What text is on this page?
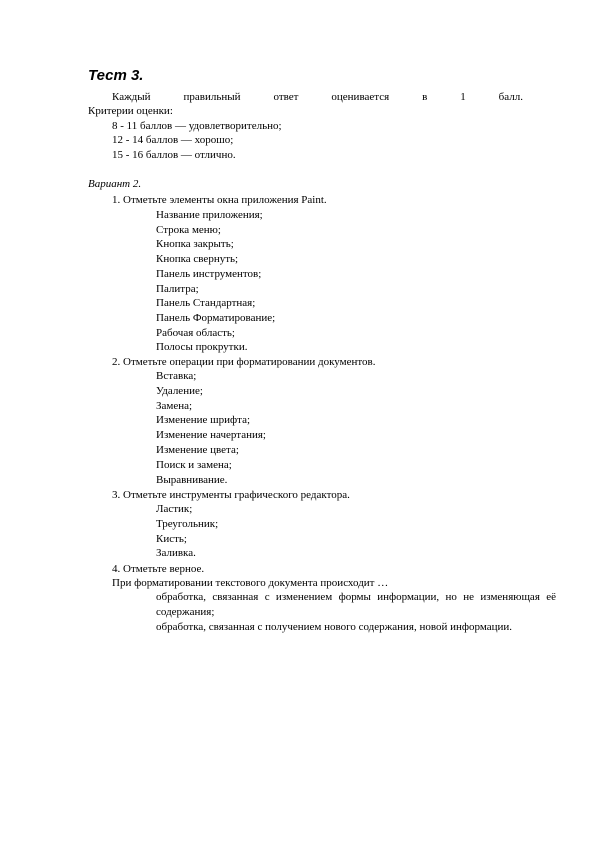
Тест 3.
Каждый правильный ответ оценивается в 1 балл.
Критерии оценки:
8 - 11 баллов — удовлетворительно;
12 - 14 баллов — хорошо;
15 - 16 баллов — отлично.
Вариант 2.
1. Отметьте элементы окна приложения Paint.
Название приложения;
Строка меню;
Кнопка закрыть;
Кнопка свернуть;
Панель инструментов;
Палитра;
Панель Стандартная;
Панель Форматирование;
Рабочая область;
Полосы прокрутки.
2. Отметьте операции при форматировании документов.
Вставка;
Удаление;
Замена;
Изменение шрифта;
Изменение начертания;
Изменение цвета;
Поиск и замена;
Выравнивание.
3. Отметьте инструменты графического редактора.
Ластик;
Треугольник;
Кисть;
Заливка.
4. Отметьте верное.
При форматировании текстового документа происходит …
обработка, связанная с изменением формы информации, но не изменяющая её содержания;
обработка, связанная с получением нового содержания, новой информации.
